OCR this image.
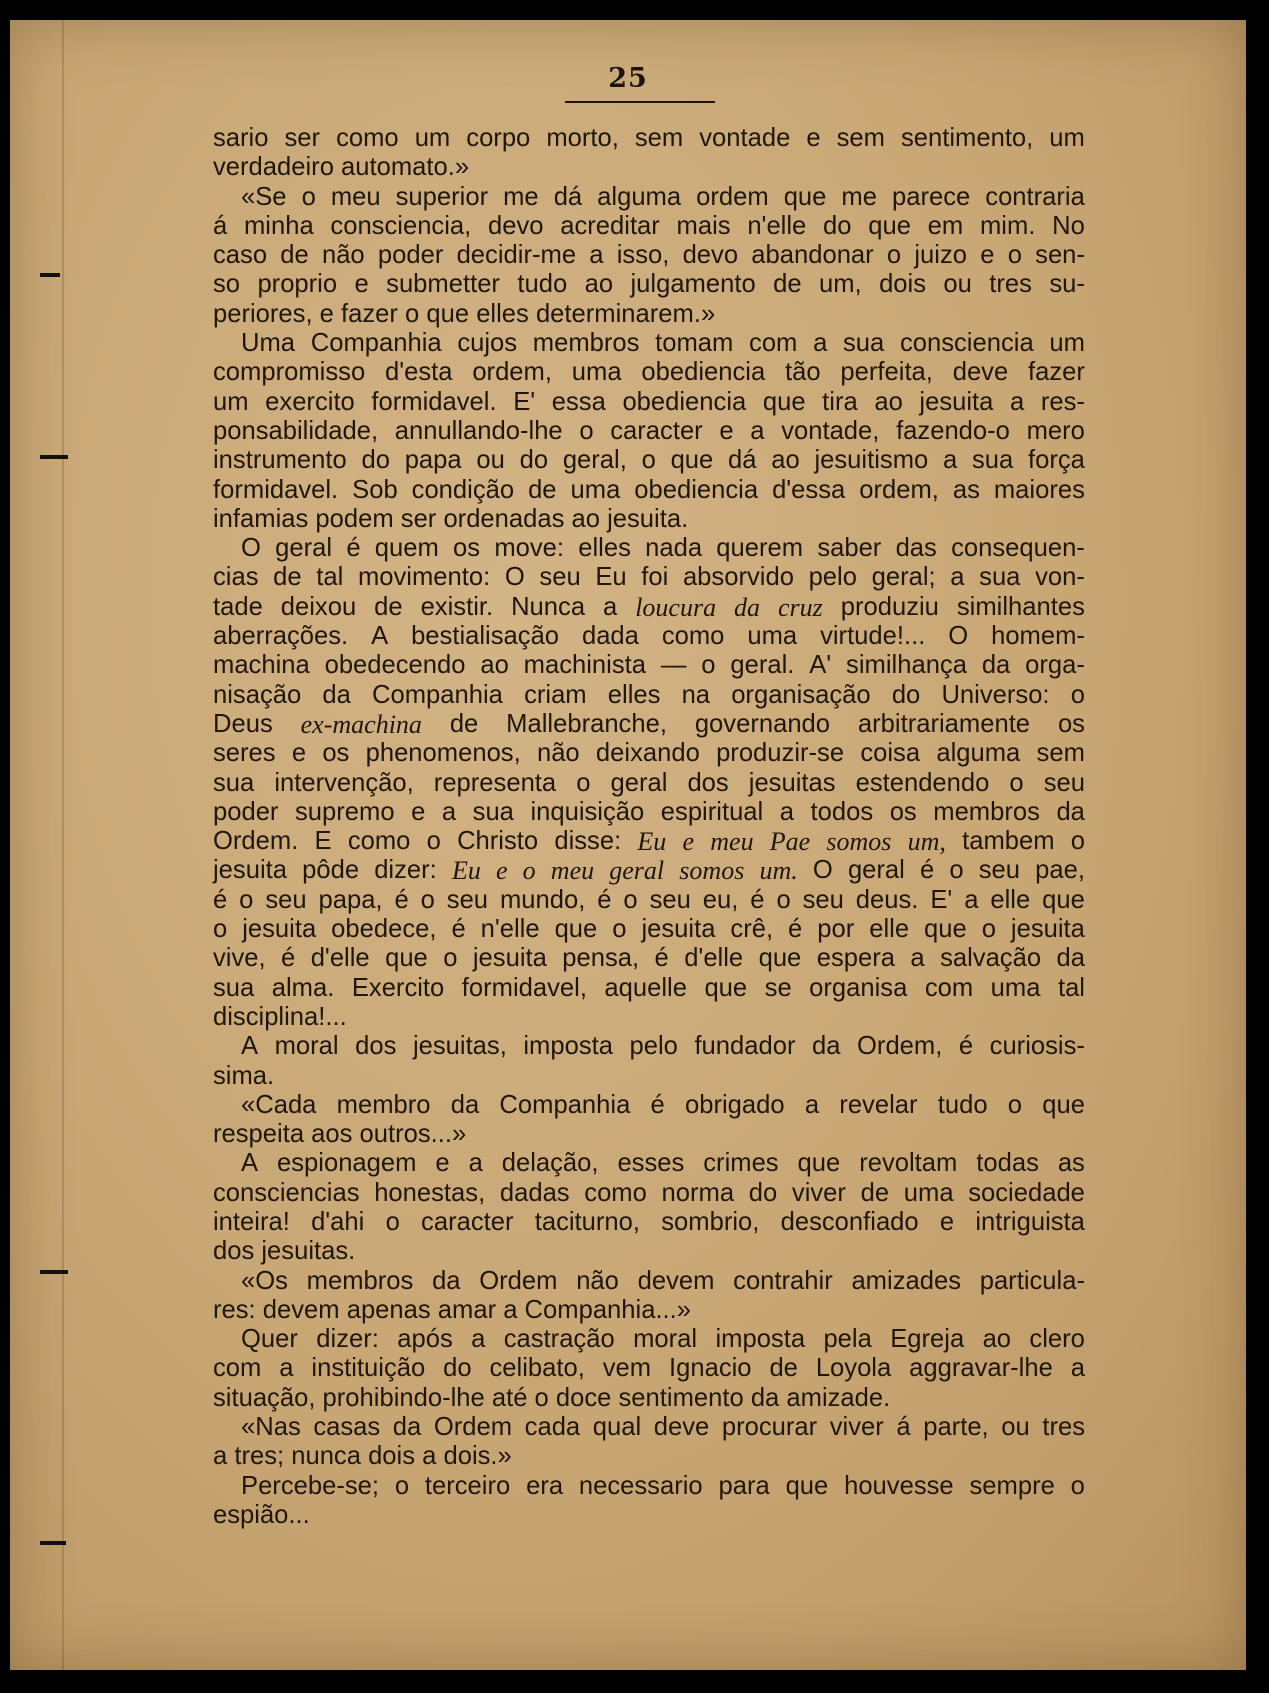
25
sario ser como um corpo morto, sem vontade e sem sentimento, um
verdadeiro automato.»
«Se o meu superior me dá alguma ordem que me parece contraria
á minha consciencia, devo acreditar mais n'elle do que em mim. No
caso de não poder decidir-me a isso, devo abandonar o juizo e o sen-
so proprio e submetter tudo ao julgamento de um, dois ou tres su-
periores, e fazer o que elles determinarem.»
Uma Companhia cujos membros tomam com a sua consciencia um
compromisso d'esta ordem, uma obediencia tão perfeita, deve fazer
um exercito formidavel. E' essa obediencia que tira ao jesuita a res-
ponsabilidade, annullando-lhe o caracter e a vontade, fazendo-o mero
instrumento do papa ou do geral, o que dá ao jesuitismo a sua força
formidavel. Sob condição de uma obediencia d'essa ordem, as maiores
infamias podem ser ordenadas ao jesuita.
O geral é quem os move: elles nada querem saber das consequen-
cias de tal movimento: O seu Eu foi absorvido pelo geral; a sua von-
tade deixou de existir. Nunca a loucura da cruz produziu similhantes
aberrações. A bestialisação dada como uma virtude!... O homem-
machina obedecendo ao machinista — o geral. A' similhança da orga-
nisação da Companhia criam elles na organisação do Universo: o
Deus ex-machina de Mallebranche, governando arbitrariamente os
seres e os phenomenos, não deixando produzir-se coisa alguma sem
sua intervenção, representa o geral dos jesuitas estendendo o seu
poder supremo e a sua inquisição espiritual a todos os membros da
Ordem. E como o Christo disse: Eu e meu Pae somos um, tambem o
jesuita pôde dizer: Eu e o meu geral somos um. O geral é o seu pae,
é o seu papa, é o seu mundo, é o seu eu, é o seu deus. E' a elle que
o jesuita obedece, é n'elle que o jesuita crê, é por elle que o jesuita
vive, é d'elle que o jesuita pensa, é d'elle que espera a salvação da
sua alma. Exercito formidavel, aquelle que se organisa com uma tal
disciplina!...
A moral dos jesuitas, imposta pelo fundador da Ordem, é curiosis-
sima.
«Cada membro da Companhia é obrigado a revelar tudo o que
respeita aos outros...»
A espionagem e a delação, esses crimes que revoltam todas as
consciencias honestas, dadas como norma do viver de uma sociedade
inteira! d'ahi o caracter taciturno, sombrio, desconfiado e intriguista
dos jesuitas.
«Os membros da Ordem não devem contrahir amizades particula-
res: devem apenas amar a Companhia...»
Quer dizer: após a castração moral imposta pela Egreja ao clero
com a instituição do celibato, vem Ignacio de Loyola aggravar-lhe a
situação, prohibindo-lhe até o doce sentimento da amizade.
«Nas casas da Ordem cada qual deve procurar viver á parte, ou tres
a tres; nunca dois a dois.»
Percebe-se; o terceiro era necessario para que houvesse sempre o
espião...
